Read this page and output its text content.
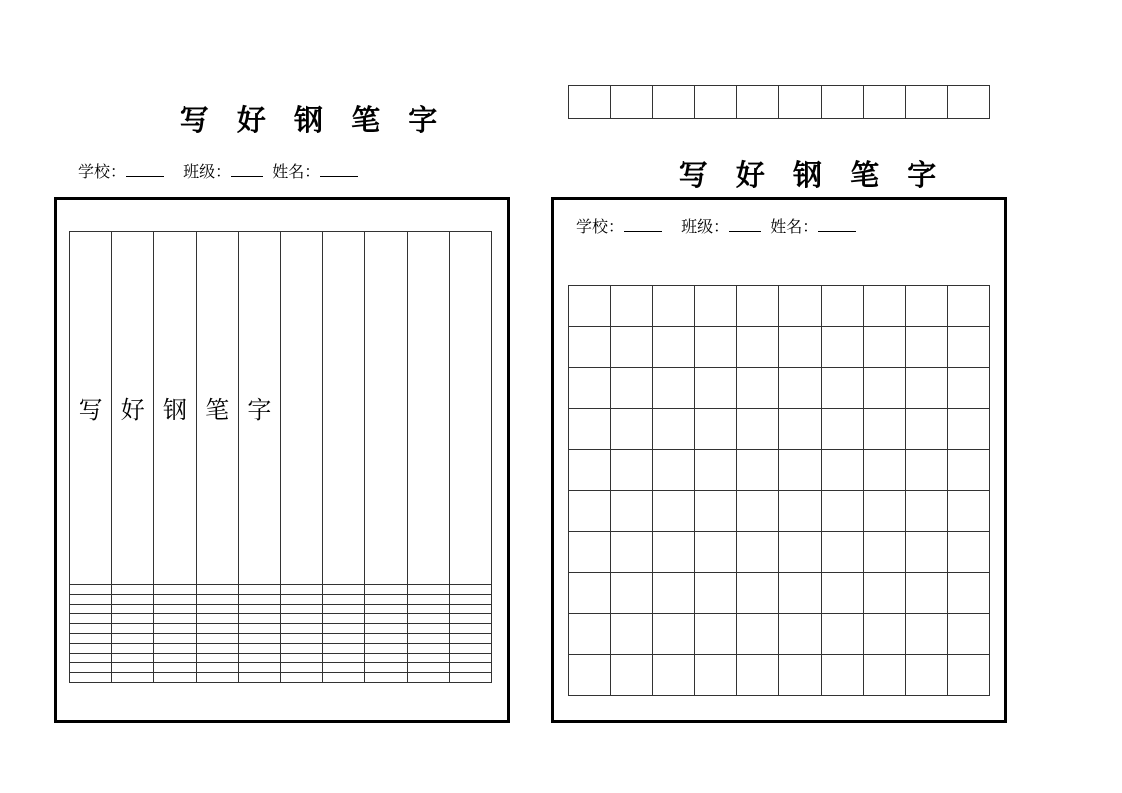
写 好 钢 笔 字
学校：	班级：	姓名：
写	好	钢	笔	字					

写 好 钢 笔 字
学校：	班级：	姓名：
